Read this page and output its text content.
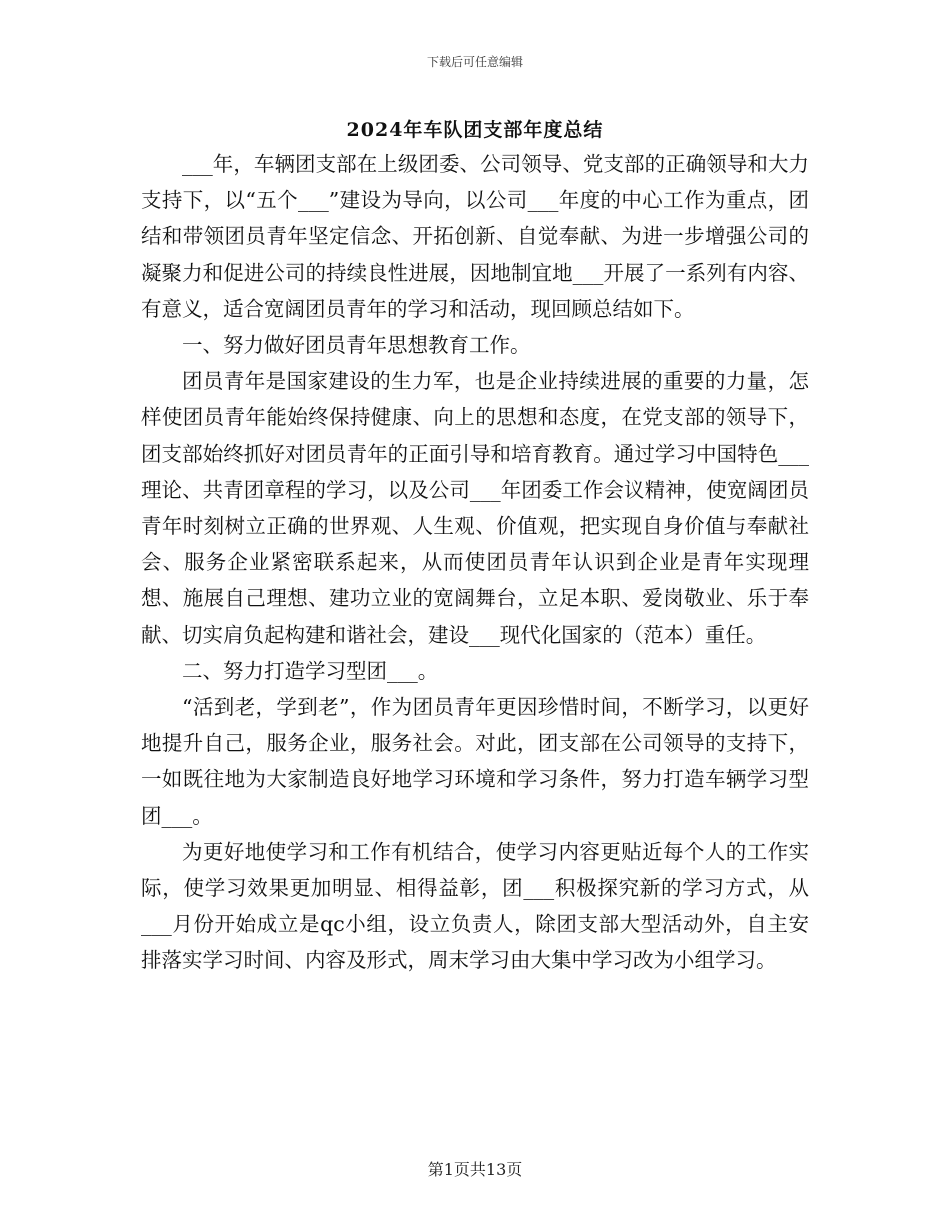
下载后可任意编辑
2024年车队团支部年度总结

___年，车辆团支部在上级团委、公司领导、党支部的正确领导和大力支持下，以“五个___”建设为导向，以公司___年度的中心工作为重点，团结和带领团员青年坚定信念、开拓创新、自觉奉献、为进一步增强公司的凝聚力和促进公司的持续良性进展，因地制宜地___开展了一系列有内容、有意义，适合宽阔团员青年的学习和活动，现回顾总结如下。

一、努力做好团员青年思想教育工作。

团员青年是国家建设的生力军，也是企业持续进展的重要的力量，怎样使团员青年能始终保持健康、向上的思想和态度，在党支部的领导下，团支部始终抓好对团员青年的正面引导和培育教育。通过学习中国特色___理论、共青团章程的学习，以及公司___年团委工作会议精神，使宽阔团员青年时刻树立正确的世界观、人生观、价值观，把实现自身价值与奉献社会、服务企业紧密联系起来，从而使团员青年认识到企业是青年实现理想、施展自己理想、建功立业的宽阔舞台，立足本职、爱岗敬业、乐于奉献、切实肩负起构建和谐社会，建设___现代化国家的（范本）重任。

二、努力打造学习型团___。

“活到老，学到老”，作为团员青年更因珍惜时间，不断学习，以更好地提升自己，服务企业，服务社会。对此，团支部在公司领导的支持下，一如既往地为大家制造良好地学习环境和学习条件，努力打造车辆学习型团___。

为更好地使学习和工作有机结合，使学习内容更贴近每个人的工作实际，使学习效果更加明显、相得益彰，团___积极探究新的学习方式，从___月份开始成立是qc小组，设立负责人，除团支部大型活动外，自主安排落实学习时间、内容及形式，周末学习由大集中学习改为小组学习。

第1页共13页
